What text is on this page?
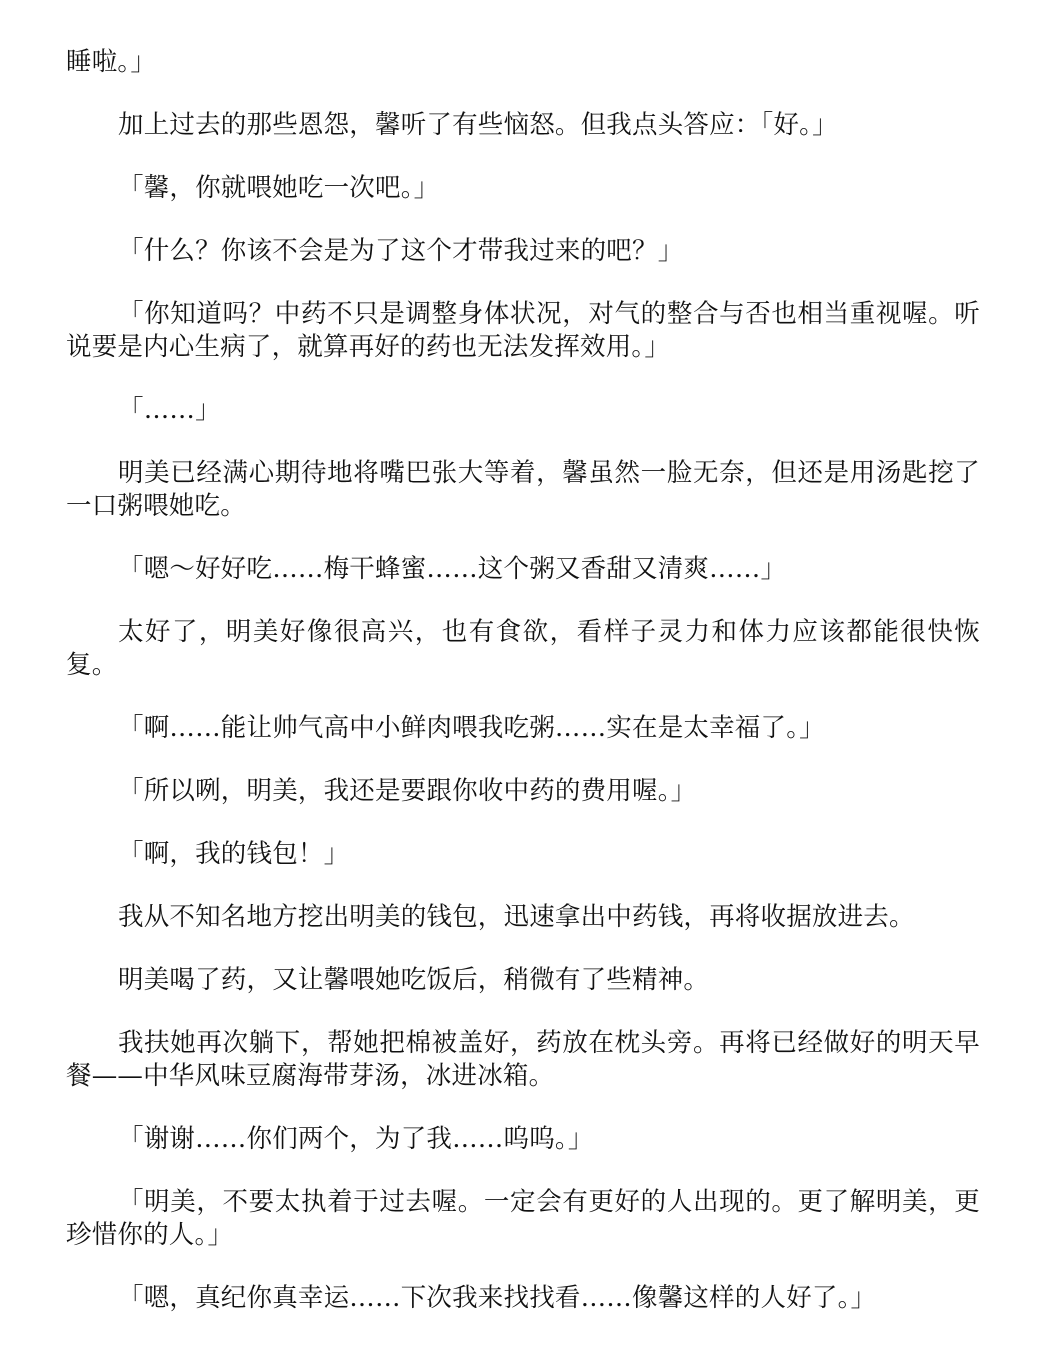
睡啦。」

加上过去的那些恩怨，馨听了有些恼怒。但我点头答应：「好。」

「馨，你就喂她吃一次吧。」

「什么？你该不会是为了这个才带我过来的吧？」

「你知道吗？中药不只是调整身体状况，对气的整合与否也相当重视喔。听说要是内心生病了，就算再好的药也无法发挥效用。」

「……」

明美已经满心期待地将嘴巴张大等着，馨虽然一脸无奈，但还是用汤匙挖了一口粥喂她吃。

「嗯～好好吃……梅干蜂蜜……这个粥又香甜又清爽……」

太好了，明美好像很高兴，也有食欲，看样子灵力和体力应该都能很快恢复。

「啊……能让帅气高中小鲜肉喂我吃粥……实在是太幸福了。」

「所以咧，明美，我还是要跟你收中药的费用喔。」

「啊，我的钱包！」

我从不知名地方挖出明美的钱包，迅速拿出中药钱，再将收据放进去。

明美喝了药，又让馨喂她吃饭后，稍微有了些精神。

我扶她再次躺下，帮她把棉被盖好，药放在枕头旁。再将已经做好的明天早餐——中华风味豆腐海带芽汤，冰进冰箱。

「谢谢……你们两个，为了我……呜呜。」

「明美，不要太执着于过去喔。一定会有更好的人出现的。更了解明美，更珍惜你的人。」

「嗯，真纪你真幸运……下次我来找找看……像馨这样的人好了。」
